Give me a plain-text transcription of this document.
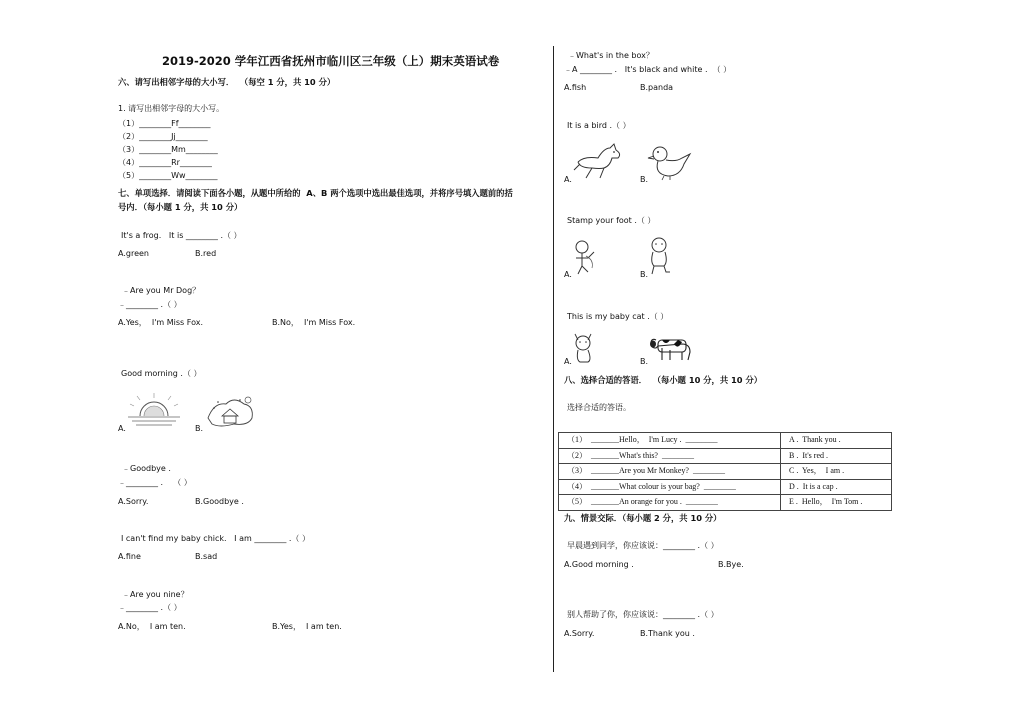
2019-2020 学年江西省抚州市临川区三年级（上）期末英语试卷
六、请写出相邻字母的大小写．  （每空 1 分，共 10 分）
1. 请写出相邻字母的大小写。
（1）________Ff________
（2）________Jj________
（3）________Mm________
（4）________Rr________
（5）________Ww________
七、单项选择．请阅读下面各小题，从题中所给的  A、B 两个选项中选出最佳选项，并将序号填入题前的括
号内．（每小题 1 分，共 10 分）
It's a frog.   It is ________ .（ ）
A.green	B.red
﹣Are you Mr Dog？
﹣________ .（ ）
A.Yes，  I'm Miss Fox.	B.No，  I'm Miss Fox.
Good morning .（ ）
A.	B.
﹣Goodbye .
﹣________ .    （ ）
A.Sorry.	B.Goodbye .
I can't find my baby chick.   I am ________ .（ ）
A.fine	B.sad
﹣Are you nine？
﹣________ .（ ）
A.No，  I am ten.	B.Yes，  I am ten.
﹣What's in the box？
﹣A ________ .   It's black and white .  （ ）
A.fish	B.panda
It is a bird .（ ）
A.	B.
Stamp your foot .（ ）
A.	B.
This is my baby cat .（ ）
A.	B.
八、选择合适的答语．  （每小题 10 分，共 10 分）
选择合适的答语。
（1）  _______Hello，  I'm Lucy .  ________	A .  Thank you .
（2）  _______What's this?  ________	B .  It's red .
（3）  _______Are you Mr Monkey?  ________	C .  Yes，  I am .
（4）  _______What colour is your bag?  ________	D .  It is a cap .
（5）  _______An orange for you .  ________	E .  Hello，  I'm Tom .
九、情景交际．（每小题 2 分，共 10 分）
早晨遇到同学，你应该说：________ .（ ）
A.Good morning .	B.Bye.
别人帮助了你，你应该说：________ .（ ）
A.Sorry.	B.Thank you .
